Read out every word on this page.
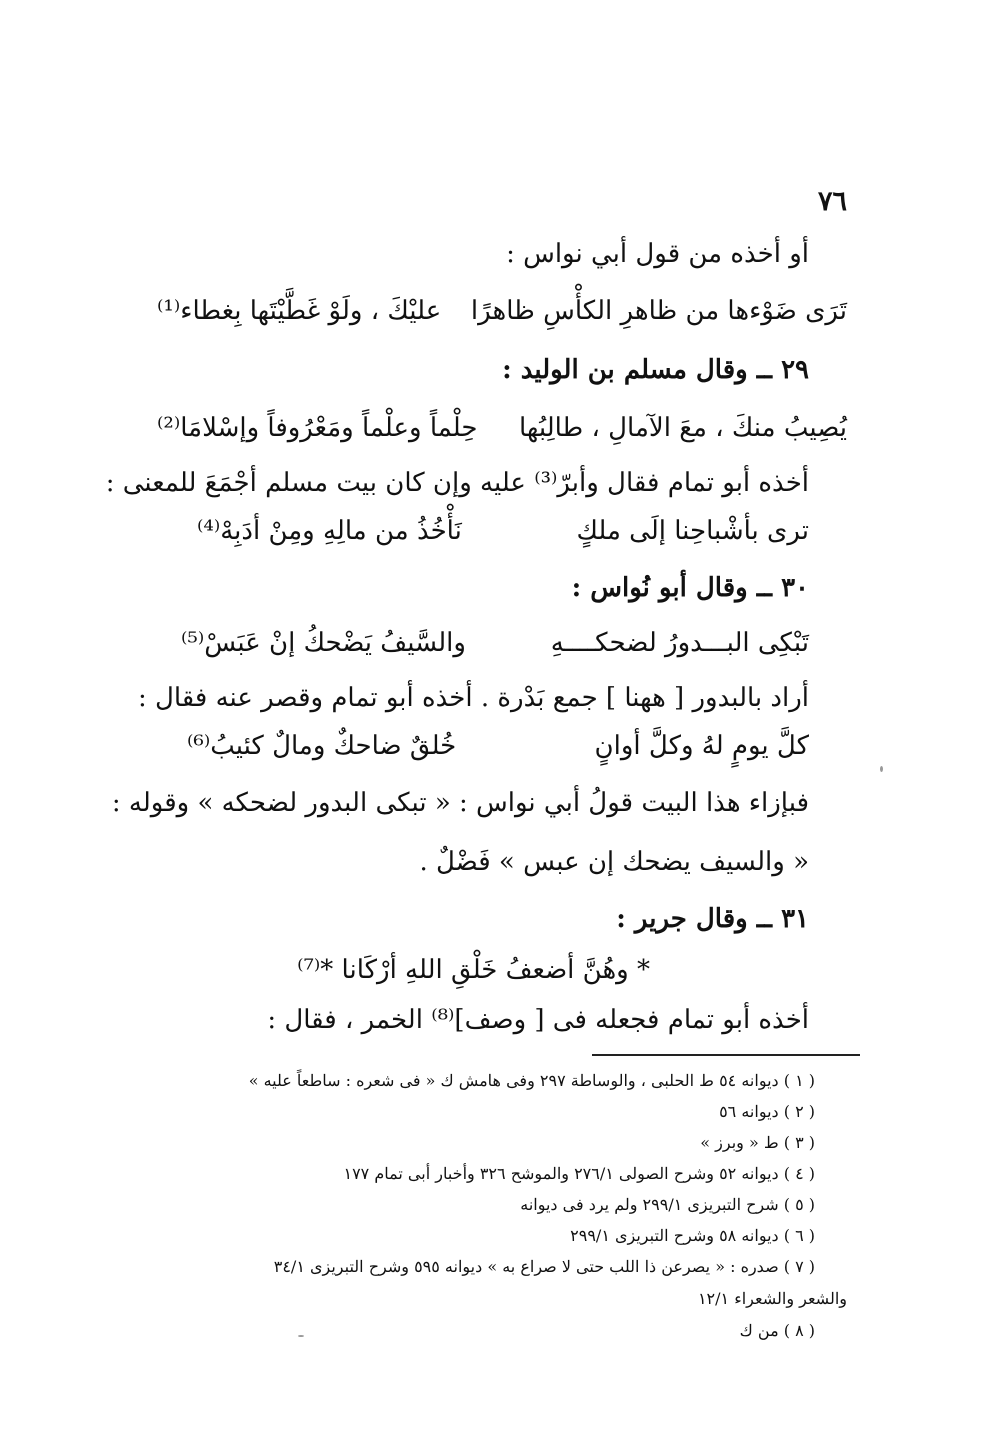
٧٦
أو أخذه من قول أبي نواس :
تَرَى ضَوْءها من ظاهرِ الكأْسِ ظاهرًا
عليْكَ ، ولَوْ غَطَّيْتَها بِغطاء⁽¹⁾
٢٩ ــ وقال مسلم بن الوليد :
يُصِيبُ منكَ ، معَ الآمالِ ، طالِبُها
حِلْماً وعلْماً ومَعْرُوفاً وإسْلامَا⁽²⁾
أخذه أبو تمام فقال وأبرّ⁽³⁾ عليه وإن كان بيت مسلم أجْمَعَ للمعنى :
ترى بأشْباحِنا إلَى ملكٍ
نَأْخُذُ من مالِهِ ومِنْ أدَبِهْ⁽⁴⁾
٣٠ ــ وقال أبو نُواس :
تَبْكِى البـــدورُ لضحكــــهِ
والسَّيفُ يَضْحكُ إنْ عَبَسْ⁽⁵⁾
أراد بالبدور [ ههنا ] جمع بَدْرة . أخذه أبو تمام وقصر عنه فقال :
كلَّ يومٍ لهُ وكلَّ أوانٍ
خُلقٌ ضاحكٌ ومالٌ كئيبُ⁽⁶⁾
فبإزاء هذا البيت قولُ أبي نواس : « تبكى البدور لضحكه » وقوله :
« والسيف يضحك إن عبس » فَضْلٌ .
٣١ ــ وقال جرير :
* وهُنَّ أضعفُ خَلْقِ اللهِ أرْكَانا *⁽⁷⁾
أخذه أبو تمام فجعله فى [ وصف]⁽⁸⁾ الخمر ، فقال :
( ١ ) ديوانه ٥٤ ط الحلبى ، والوساطة ٢٩٧ وفى هامش ك « فى شعره : ساطعاً عليه »
( ٢ ) ديوانه ٥٦
( ٣ ) ط « وبرز »
( ٤ ) ديوانه ٥٢ وشرح الصولى ٢٧٦/١ والموشح ٣٢٦ وأخبار أبى تمام ١٧٧
( ٥ ) شرح التبريزى ٢٩٩/١ ولم يرد فى ديوانه
( ٦ ) ديوانه ٥٨ وشرح التبريزى ٢٩٩/١
( ٧ ) صدره : « يصرعن ذا اللب حتى لا صراع به » ديوانه ٥٩٥ وشرح التبريزى ٣٤/١
والشعر والشعراء ١٢/١
( ٨ ) من ك
